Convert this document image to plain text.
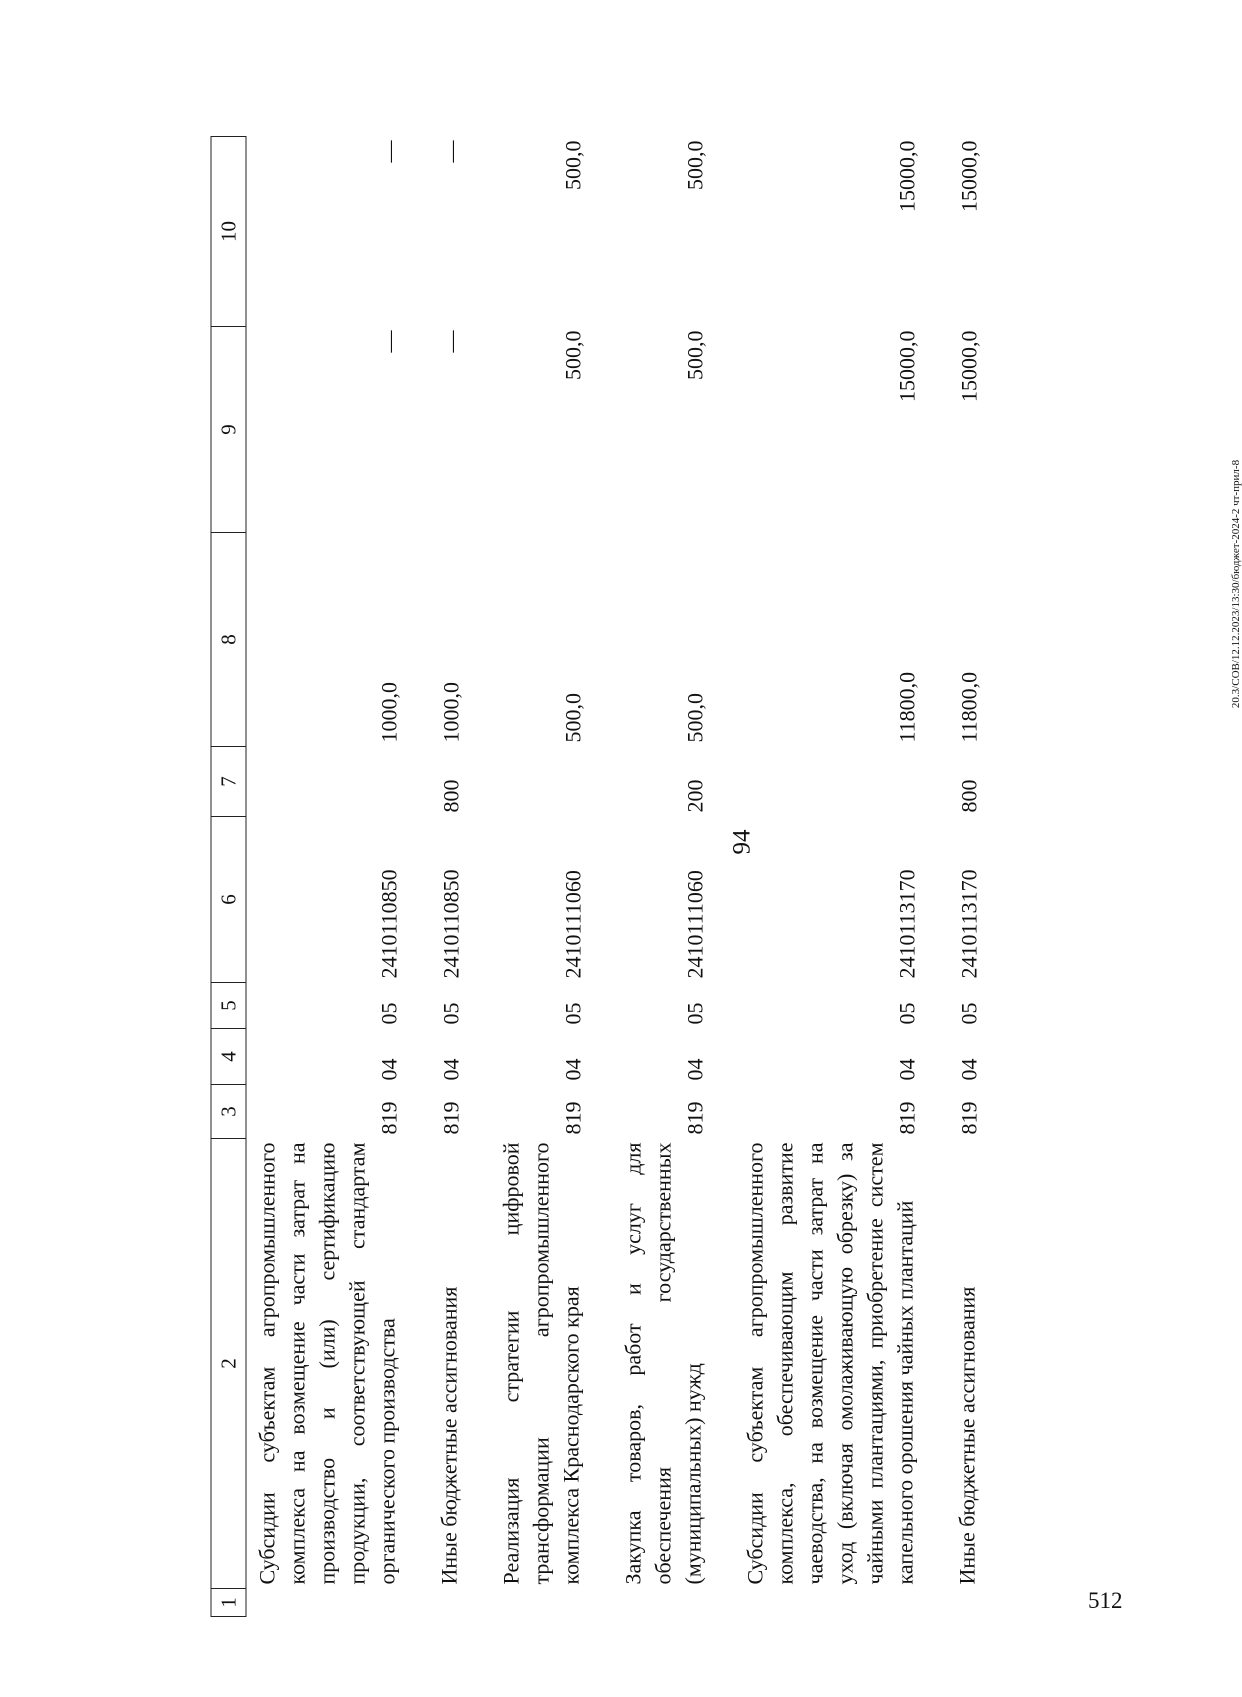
94
512
20.3/СОВ/12.12.2023/13:30/бюджет-2024-2 чт-прил-8
1	2	3	4	5	6	7	8	9	10
	Субсидии субъектам агропромышленного комплекса на возмещение части затрат на производство и (или) сертификацию продукции, соответствующей стандартам органического производства	819	04	05	2410110850		1000,0	—	—
	Иные бюджетные ассигнования	819	04	05	2410110850	800	1000,0	—	—
	Реализация стратегии цифровой трансформации агропромышленного комплекса Краснодарского края	819	04	05	2410111060		500,0	500,0	500,0
	Закупка товаров, работ и услуг для обеспечения государственных (муниципальных) нужд	819	04	05	2410111060	200	500,0	500,0	500,0
	Субсидии субъектам агропромышленного комплекса, обеспечивающим развитие чаеводства, на возмещение части затрат на уход (включая омолаживающую обрезку) за чайными плантациями, приобретение систем капельного орошения чайных плантаций	819	04	05	2410113170		11800,0	15000,0	15000,0
	Иные бюджетные ассигнования	819	04	05	2410113170	800	11800,0	15000,0	15000,0
